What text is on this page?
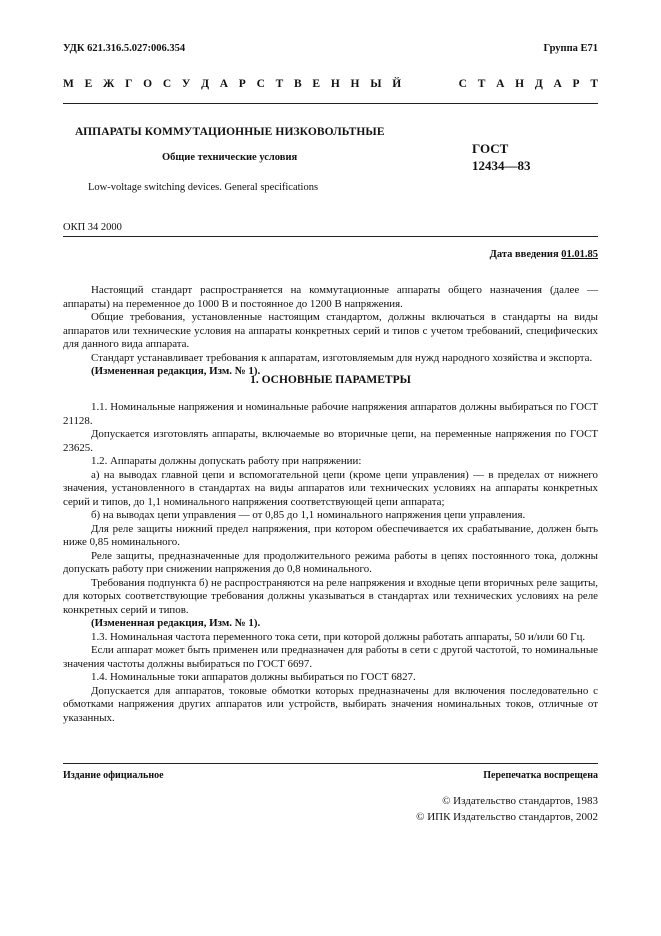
УДК 621.316.5.027:006.354	Группа Е71
М Е Ж Г О С У Д А Р С Т В Е Н Н Ы Й	С Т А Н Д А Р Т
АППАРАТЫ КОММУТАЦИОННЫЕ НИЗКОВОЛЬТНЫЕ
Общие технические условия
ГОСТ
12434—83
Low-voltage switching devices. General specifications
ОКП 34 2000
Дата введения 01.01.85

Настоящий стандарт распространяется на коммутационные аппараты общего назначения (далее — аппараты) на переменное до 1000 В и постоянное до 1200 В напряжения.

Общие требования, установленные настоящим стандартом, должны включаться в стандарты на виды аппаратов или технические условия на аппараты конкретных серий и типов с учетом требований, специфических для данного вида аппарата.

Стандарт устанавливает требования к аппаратам, изготовляемым для нужд народного хозяйства и экспорта.

(Измененная редакция, Изм. № 1).

1. ОСНОВНЫЕ ПАРАМЕТРЫ

1.1. Номинальные напряжения и номинальные рабочие напряжения аппаратов должны выбираться по ГОСТ 21128.

Допускается изготовлять аппараты, включаемые во вторичные цепи, на переменные напряжения по ГОСТ 23625.

1.2. Аппараты должны допускать работу при напряжении:

а) на выводах главной цепи и вспомогательной цепи (кроме цепи управления) — в пределах от нижнего значения, установленного в стандартах на виды аппаратов или технических условиях на аппараты конкретных серий и типов, до 1,1 номинального напряжения соответствующей цепи аппарата;

б) на выводах цепи управления — от 0,85 до 1,1 номинального напряжения цепи управления.

Для реле защиты нижний предел напряжения, при котором обеспечивается их срабатывание, должен быть ниже 0,85 номинального.

Реле защиты, предназначенные для продолжительного режима работы в цепях постоянного тока, должны допускать работу при снижении напряжения до 0,8 номинального.

Требования подпункта б) не распространяются на реле напряжения и входные цепи вторичных реле защиты, для которых соответствующие требования должны указываться в стандартах или технических условиях на реле конкретных серий и типов.

(Измененная редакция, Изм. № 1).

1.3. Номинальная частота переменного тока сети, при которой должны работать аппараты, 50 и/или 60 Гц.

Если аппарат может быть применен или предназначен для работы в сети с другой частотой, то номинальные значения частоты должны выбираться по ГОСТ 6697.

1.4. Номинальные токи аппаратов должны выбираться по ГОСТ 6827.

Допускается для аппаратов, токовые обмотки которых предназначены для включения последовательно с обмотками напряжения других аппаратов или устройств, выбирать значения номинальных токов, отличные от указанных.

Издание официальное	Перепечатка воспрещена
© Издательство стандартов, 1983
© ИПК Издательство стандартов, 2002
